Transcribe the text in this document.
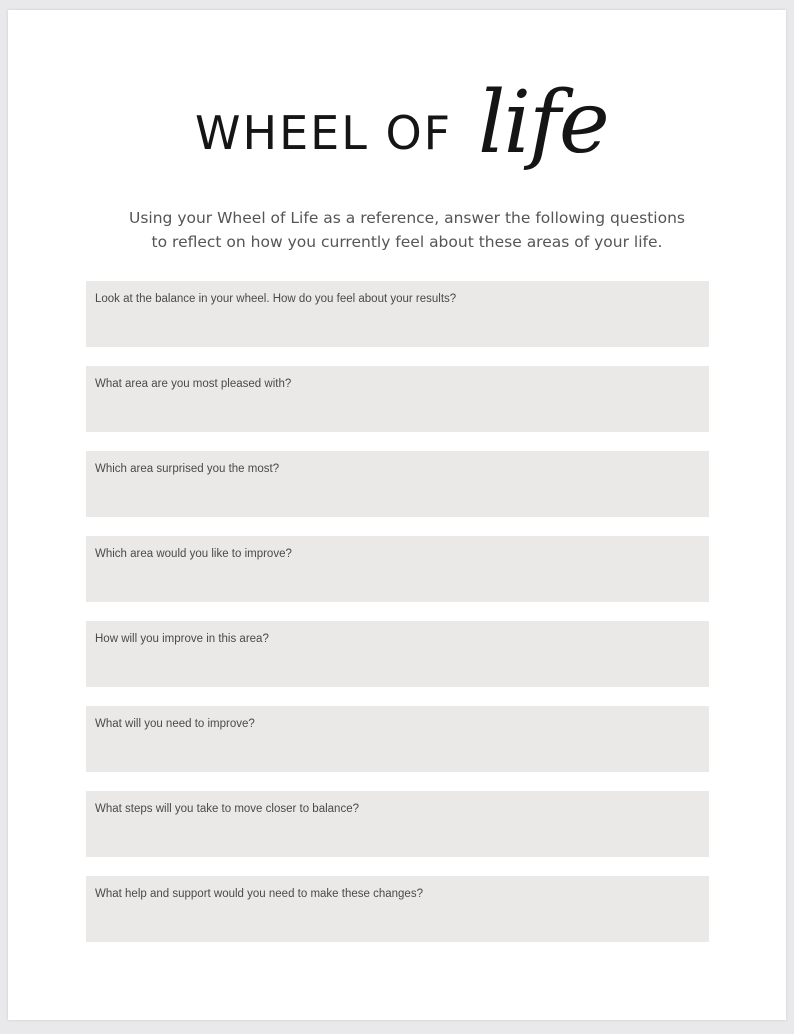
WHEEL OF life
Using your Wheel of Life as a reference, answer the following questions
to reflect on how you currently feel about these areas of your life.
Look at the balance in your wheel. How do you feel about your results?
What area are you most pleased with?
Which area surprised you the most?
Which area would you like to improve?
How will you improve in this area?
What will you need to improve?
What steps will you take to move closer to balance?
What help and support would you need to make these changes?
